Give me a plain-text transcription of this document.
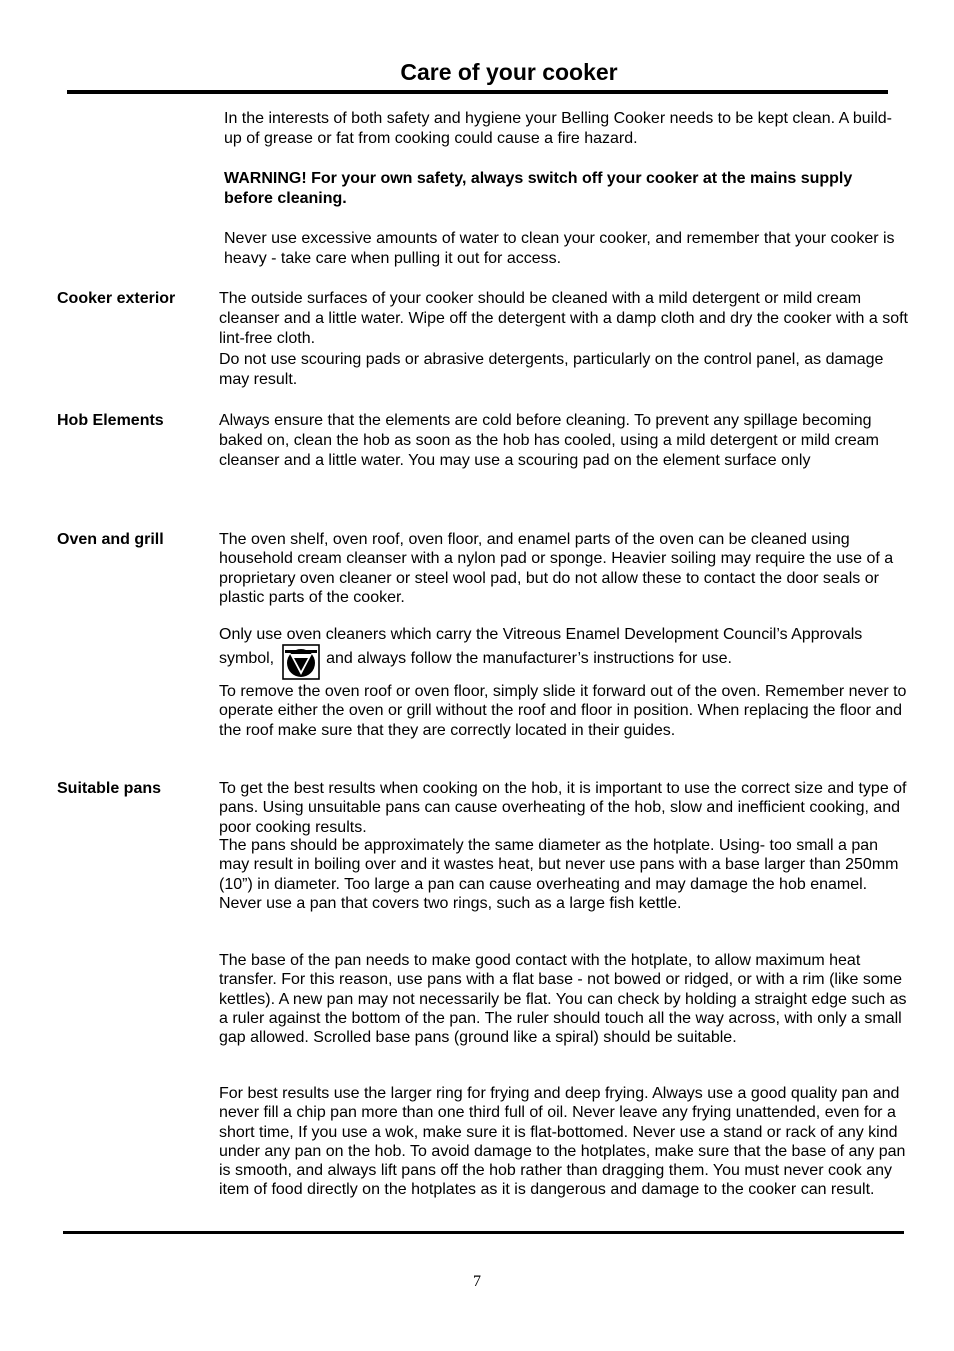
Care of your cooker

In the interests of both safety and hygiene your Belling Cooker needs to be kept clean. A build-up of grease or fat from cooking could cause a fire hazard.

WARNING! For your own safety, always switch off your cooker at the mains supply before cleaning.

Never use excessive amounts of water to clean your cooker, and remember that your cooker is heavy - take care when pulling it out for access.

Cooker exterior	The outside surfaces of your cooker should be cleaned with a mild detergent or mild cream cleanser and a little water. Wipe off the detergent with a damp cloth and dry the cooker with a soft lint-free cloth.

Do not use scouring pads or abrasive detergents, particularly on the control panel, as damage may result.

Hob Elements	Always ensure that the elements are cold before cleaning. To prevent any spillage becoming baked on, clean the hob as soon as the hob has cooled, using a mild detergent or mild cream cleanser and a little water. You may use a scouring pad on the element surface only

Oven and grill	The oven shelf, oven roof, oven floor, and enamel parts of the oven can be cleaned using household cream cleanser with a nylon pad or sponge. Heavier soiling may require the use of a proprietary oven cleaner or steel wool pad, but do not allow these to contact the door seals or plastic parts of the cooker.

Only use oven cleaners which carry the Vitreous Enamel Development Council’s Approvals symbol,	and always follow the manufacturer’s instructions for use.

To remove the oven roof or oven floor, simply slide it forward out of the oven. Remember never to operate either the oven or grill without the roof and floor in position. When replacing the floor and the roof make sure that they are correctly located in their guides.

Suitable pans	To get the best results when cooking on the hob, it is important to use the correct size and type of pans. Using unsuitable pans can cause overheating of the hob, slow and inefficient cooking, and poor cooking results.

The pans should be approximately the same diameter as the hotplate. Using- too small a pan may result in boiling over and it wastes heat, but never use pans with a base larger than 250mm (10”) in diameter. Too large a pan can cause overheating and may damage the hob enamel. Never use a pan that covers two rings, such as a large fish kettle.

The base of the pan needs to make good contact with the hotplate, to allow maximum heat transfer. For this reason, use pans with a flat base - not bowed or ridged, or with a rim (like some kettles). A new pan may not necessarily be flat. You can check by holding a straight edge such as a ruler against the bottom of the pan. The ruler should touch all the way across, with only a small gap allowed. Scrolled base pans (ground like a spiral) should be suitable.

For best results use the larger ring for frying and deep frying. Always use a good quality pan and never fill a chip pan more than one third full of oil. Never leave any frying unattended, even for a short time, If you use a wok, make sure it is flat-bottomed. Never use a stand or rack of any kind under any pan on the hob. To avoid damage to the hotplates, make sure that the base of any pan is smooth, and always lift pans off the hob rather than dragging them. You must never cook any item of food directly on the hotplates as it is dangerous and damage to the cooker can result.

7
